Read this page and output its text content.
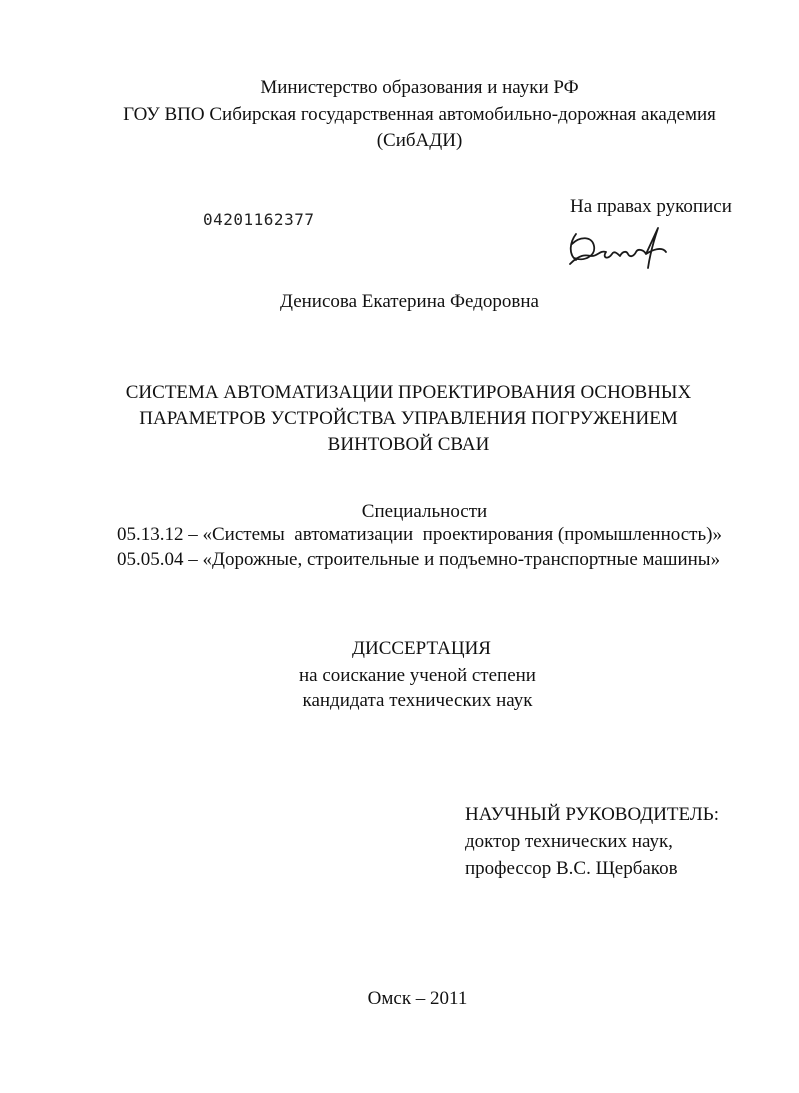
Министерство образования и науки РФ
ГОУ ВПО Сибирская государственная автомобильно-дорожная академия
(СибАДИ)
04201162377
На правах рукописи
Денисова Екатерина Федоровна
СИСТЕМА АВТОМАТИЗАЦИИ ПРОЕКТИРОВАНИЯ ОСНОВНЫХ
ПАРАМЕТРОВ УСТРОЙСТВА УПРАВЛЕНИЯ ПОГРУЖЕНИЕМ
ВИНТОВОЙ СВАИ
Специальности
05.13.12 – «Системы  автоматизации  проектирования (промышленность)»
05.05.04 – «Дорожные, строительные и подъемно-транспортные машины»
ДИССЕРТАЦИЯ
на соискание ученой степени
кандидата технических наук
НАУЧНЫЙ РУКОВОДИТЕЛЬ:
доктор технических наук,
профессор В.С. Щербаков
Омск – 2011
